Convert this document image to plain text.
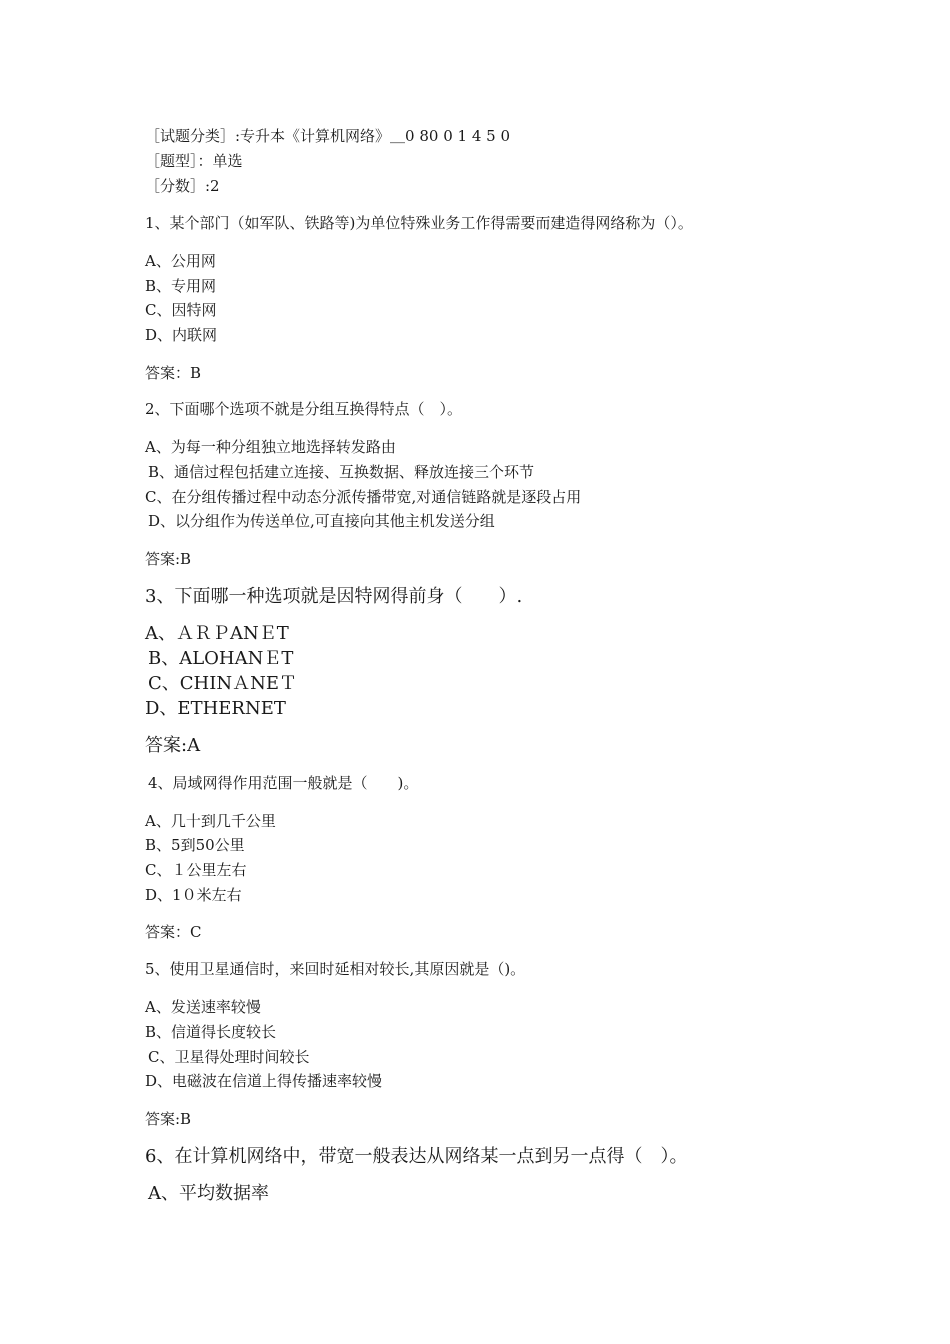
［试题分类］:专升本《计算机网络》＿0 80 0 1 4 5 0
［题型］：单选
［分数］:2
1、某个部门（如军队、铁路等)为单位特殊业务工作得需要而建造得网络称为（）。
A、公用网
B、专用网
C、因特网
D、内联网
答案：B
2、下面哪个选项不就是分组互换得特点（　）。
A、为每一种分组独立地选择转发路由
B、通信过程包括建立连接、互换数据、释放连接三个环节
C、在分组传播过程中动态分派传播带宽,对通信链路就是逐段占用
D、以分组作为传送单位,可直接向其他主机发送分组
答案:B
3、下面哪一种选项就是因特网得前身（　　）.
A、ＡＲＰANＥT
B、ALOHANＥT
C、CHINＡNEＴ
D、ETHERNET
答案:A
4、局域网得作用范围一般就是（　　)。
A、几十到几千公里
B、5到50公里
C、１公里左右
D、1０米左右
答案：C
5、使用卫星通信时，来回时延相对较长,其原因就是（)。
A、发送速率较慢
B、信道得长度较长
C、卫星得处理时间较长
D、电磁波在信道上得传播速率较慢
答案:B
6、在计算机网络中，带宽一般表达从网络某一点到另一点得（　）。
A、平均数据率
